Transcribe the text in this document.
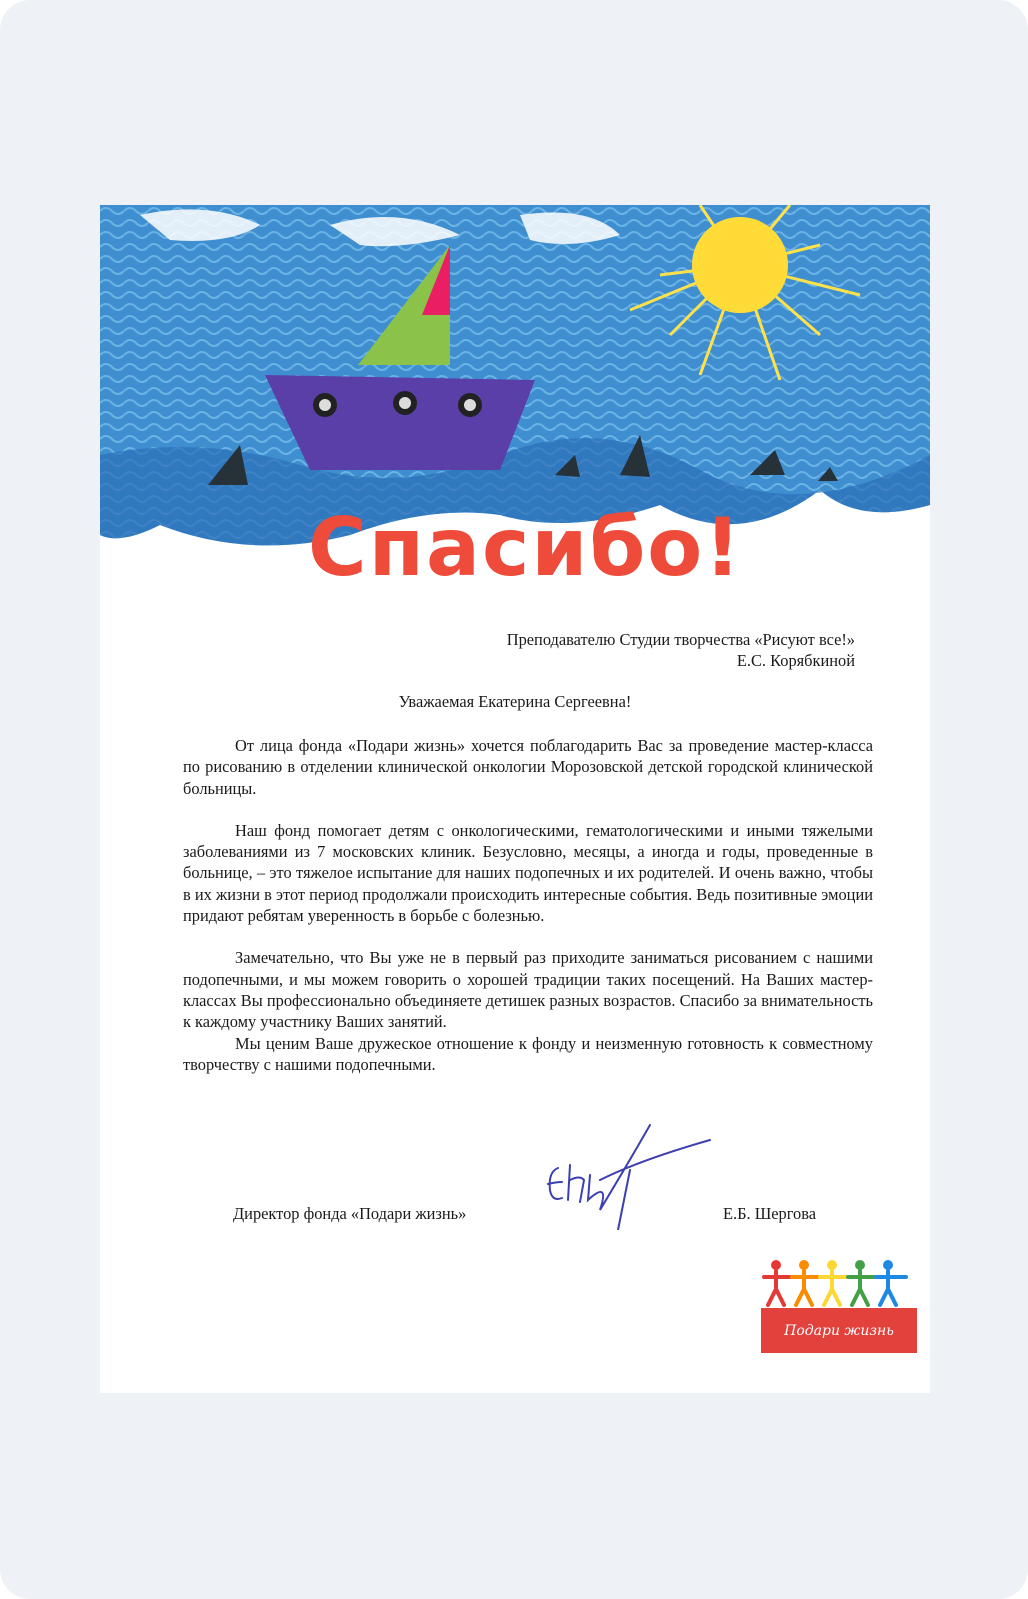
Спасибо!
Преподавателю Студии творчества «Рисуют все!»
Е.С. Корябкиной
Уважаемая Екатерина Сергеевна!

От лица фонда «Подари жизнь» хочется поблагодарить Вас за проведение мастер-класса по рисованию в отделении клинической онкологии Морозовской детской городской клинической больницы.

Наш фонд помогает детям с онкологическими, гематологическими и иными тяжелыми заболеваниями из 7 московских клиник. Безусловно, месяцы, а иногда и годы, проведенные в больнице, – это тяжелое испытание для наших подопечных и их родителей. И очень важно, чтобы в их жизни в этот период продолжали происходить интересные события. Ведь позитивные эмоции придают ребятам уверенность в борьбе с болезнью.

Замечательно, что Вы уже не в первый раз приходите заниматься рисованием с нашими подопечными, и мы можем говорить о хорошей традиции таких посещений. На Ваших мастер-классах Вы профессионально объединяете детишек разных возрастов. Спасибо за внимательность к каждому участнику Ваших занятий.

Мы ценим Ваше дружеское отношение к фонду и неизменную готовность к совместному творчеству с нашими подопечными.

Директор фонда «Подари жизнь»	Е.Б. Шергова
Подари жизнь
